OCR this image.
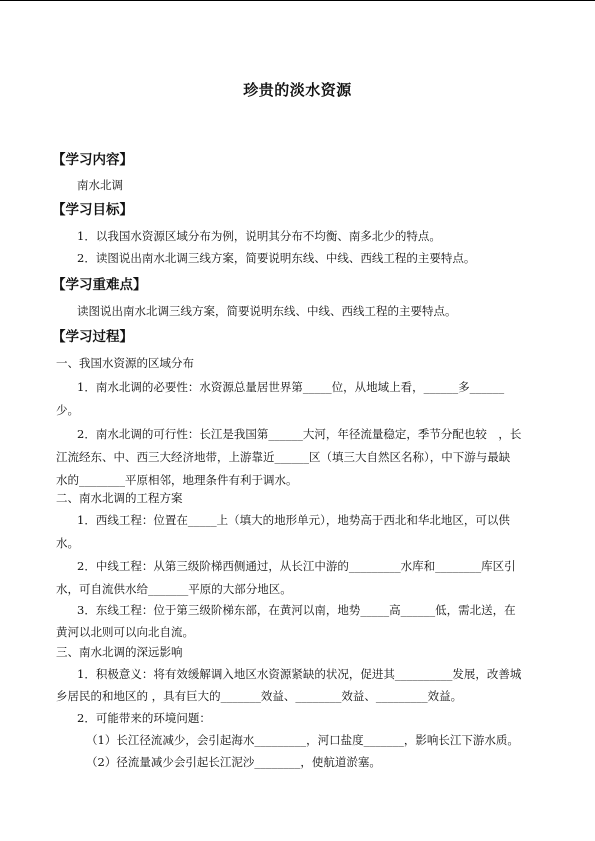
珍贵的淡水资源
【学习内容】
南水北调
【学习目标】
1．以我国水资源区域分布为例，说明其分布不均衡、南多北少的特点。
2．读图说出南水北调三线方案，简要说明东线、中线、西线工程的主要特点。
【学习重难点】
读图说出南水北调三线方案，简要说明东线、中线、西线工程的主要特点。
【学习过程】
一、我国水资源的区域分布
1．南水北调的必要性：水资源总量居世界第_____位，从地域上看，______多______
少。
2．南水北调的可行性：长江是我国第______大河，年径流量稳定，季节分配也较　，长
江流经东、中、西三大经济地带，上游靠近______区（填三大自然区名称），中下游与最缺
水的________平原相邻，地理条件有利于调水。
二、南水北调的工程方案
1．西线工程：位置在_____上（填大的地形单元），地势高于西北和华北地区，可以供
水。
2．中线工程：从第三级阶梯西侧通过，从长江中游的_________水库和________库区引
水，可自流供水给_______平原的大部分地区。
3．东线工程：位于第三级阶梯东部，在黄河以南，地势_____高______低，需北送，在
黄河以北则可以向北自流。
三、南水北调的深远影响
1．积极意义：将有效缓解调入地区水资源紧缺的状况，促进其__________发展，改善城
乡居民的和地区的 ，具有巨大的_______效益、________效益、_________效益。
2．可能带来的环境问题：
（1）长江径流减少，会引起海水_________，河口盐度_______，影响长江下游水质。
（2）径流量减少会引起长江泥沙________，使航道淤塞。
